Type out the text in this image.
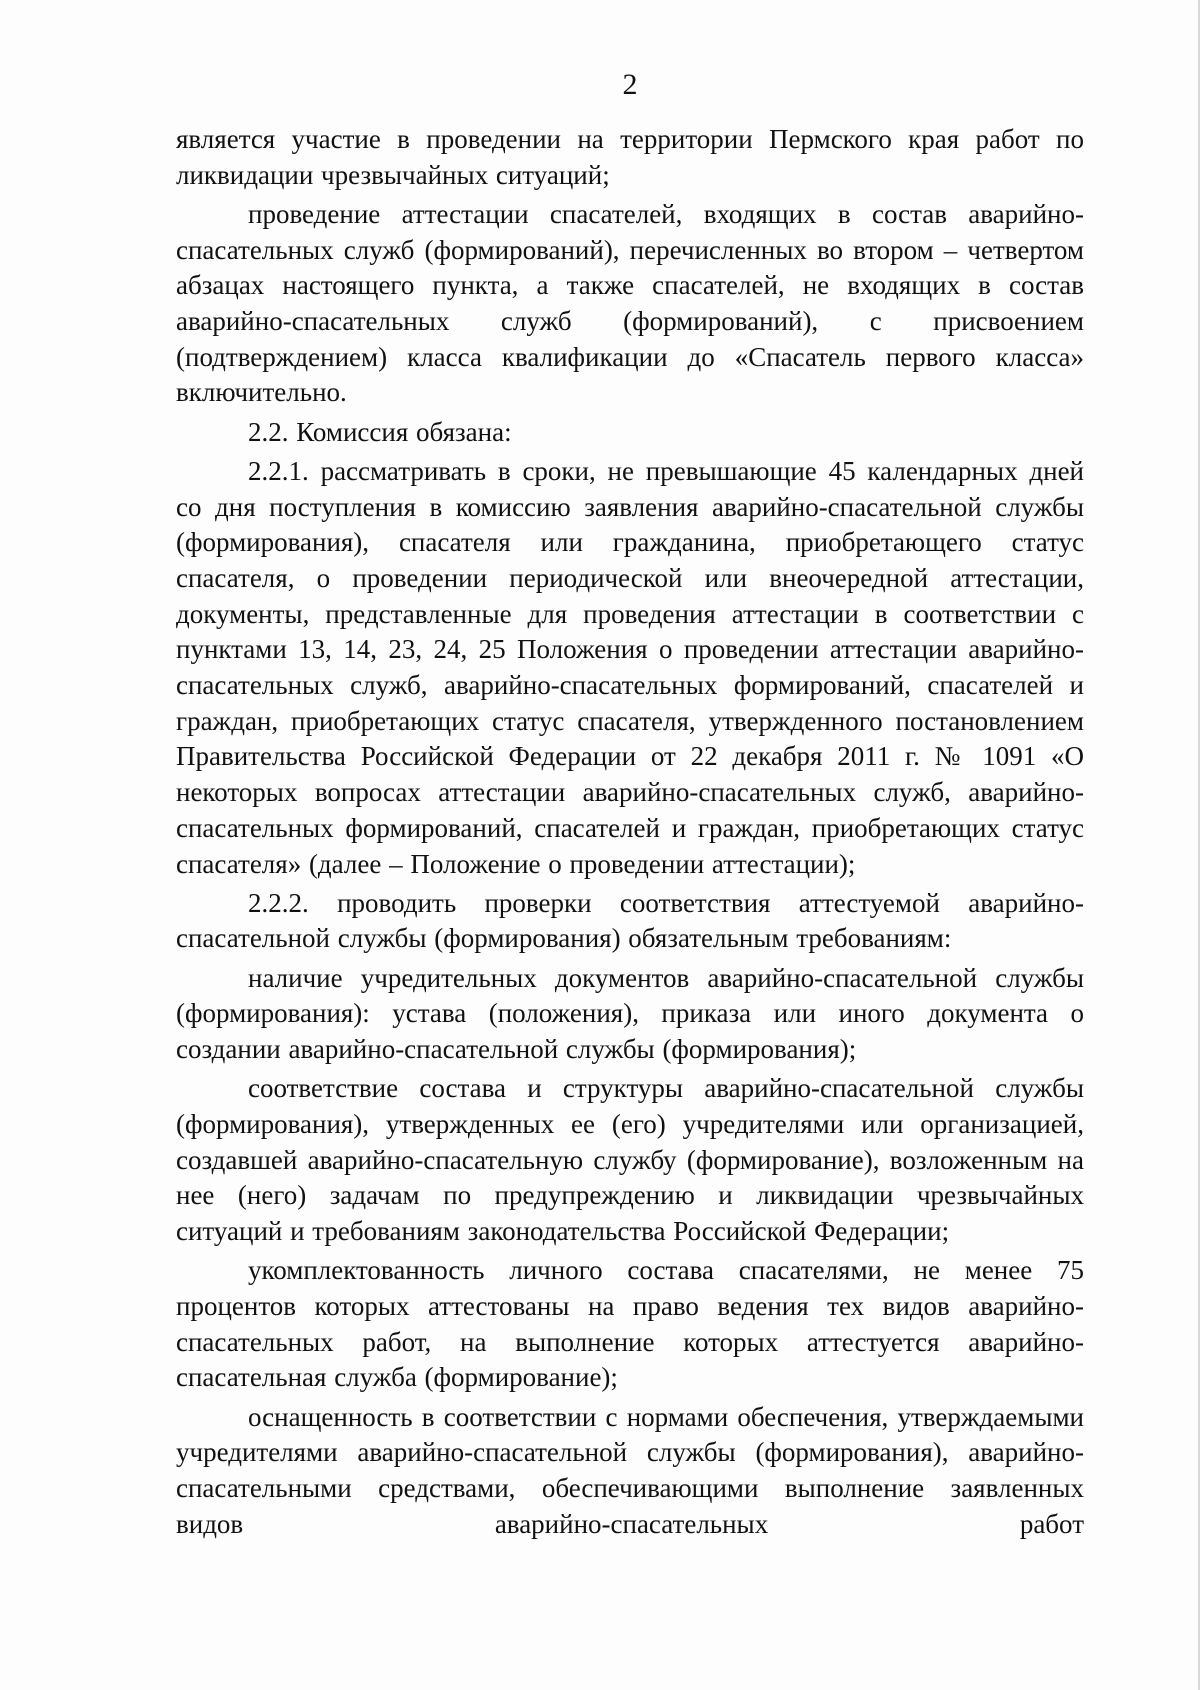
2

является участие в проведении на территории Пермского края работ по ликвидации чрезвычайных ситуаций;

проведение аттестации спасателей, входящих в состав аварийно-спасательных служб (формирований), перечисленных во втором – четвертом абзацах настоящего пункта, а также спасателей, не входящих в состав аварийно-спасательных служб (формирований), с присвоением (подтверждением) класса квалификации до «Спасатель первого класса» включительно.

2.2. Комиссия обязана:

2.2.1. рассматривать в сроки, не превышающие 45 календарных дней со дня поступления в комиссию заявления аварийно-спасательной службы (формирования), спасателя или гражданина, приобретающего статус спасателя, о проведении периодической или внеочередной аттестации, документы, представленные для проведения аттестации в соответствии с пунктами 13, 14, 23, 24, 25 Положения о проведении аттестации аварийно-спасательных служб, аварийно-спасательных формирований, спасателей и граждан, приобретающих статус спасателя, утвержденного постановлением Правительства Российской Федерации от 22 декабря 2011 г. № 1091 «О некоторых вопросах аттестации аварийно-спасательных служб, аварийно-спасательных формирований, спасателей и граждан, приобретающих статус спасателя» (далее – Положение о проведении аттестации);

2.2.2. проводить проверки соответствия аттестуемой аварийно-спасательной службы (формирования) обязательным требованиям:

наличие учредительных документов аварийно-спасательной службы (формирования): устава (положения), приказа или иного документа о создании аварийно-спасательной службы (формирования);

соответствие состава и структуры аварийно-спасательной службы (формирования), утвержденных ее (его) учредителями или организацией, создавшей аварийно-спасательную службу (формирование), возложенным на нее (него) задачам по предупреждению и ликвидации чрезвычайных ситуаций и требованиям законодательства Российской Федерации;

укомплектованность личного состава спасателями, не менее 75 процентов которых аттестованы на право ведения тех видов аварийно-спасательных работ, на выполнение которых аттестуется аварийно-спасательная служба (формирование);

оснащенность в соответствии с нормами обеспечения, утверждаемыми учредителями аварийно-спасательной службы (формирования), аварийно-спасательными средствами, обеспечивающими выполнение заявленных видов аварийно-спасательных работ
